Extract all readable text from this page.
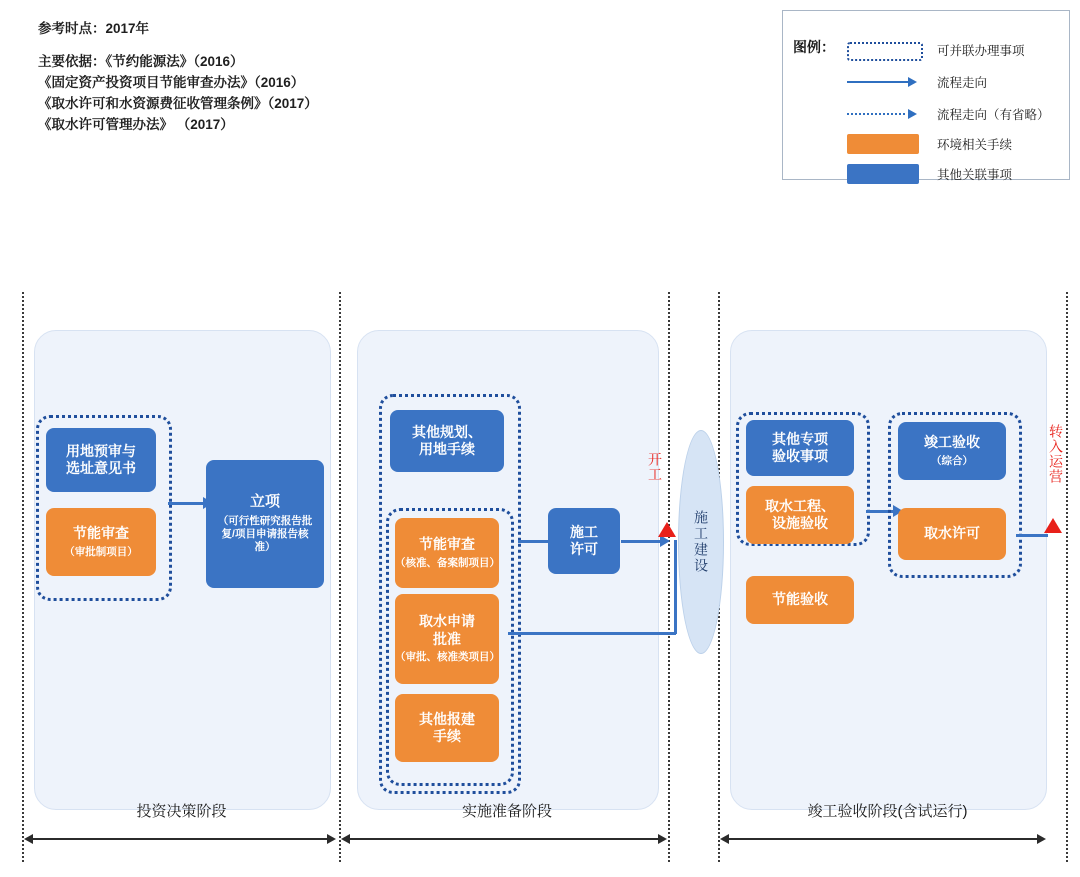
参考时点：2017年
主要依据：《节约能源法》（2016）
《固定资产投资项目节能审查办法》（2016）
《取水许可和水资源费征收管理条例》（2017）
《取水许可管理办法》 （2017）
图例：	可并联办理事项
流程走向
流程走向（有省略）
环境相关手续
其他关联事项
用地预审与
选址意见书
节能审查
（审批制项目）
立项
（可行性研究报告批复/项目申请报告核准）
其他规划、
用地手续
节能审查
（核准、备案制项目）
取水申请
批准
（审批、核准类项目）
其他报建
手续
施工
许可
开工
施工建设
其他专项
验收事项
取水工程、
设施验收
节能验收
竣工验收
（综合）
取水许可
转入运营
投资决策阶段	实施准备阶段	竣工验收阶段(含试运行)
